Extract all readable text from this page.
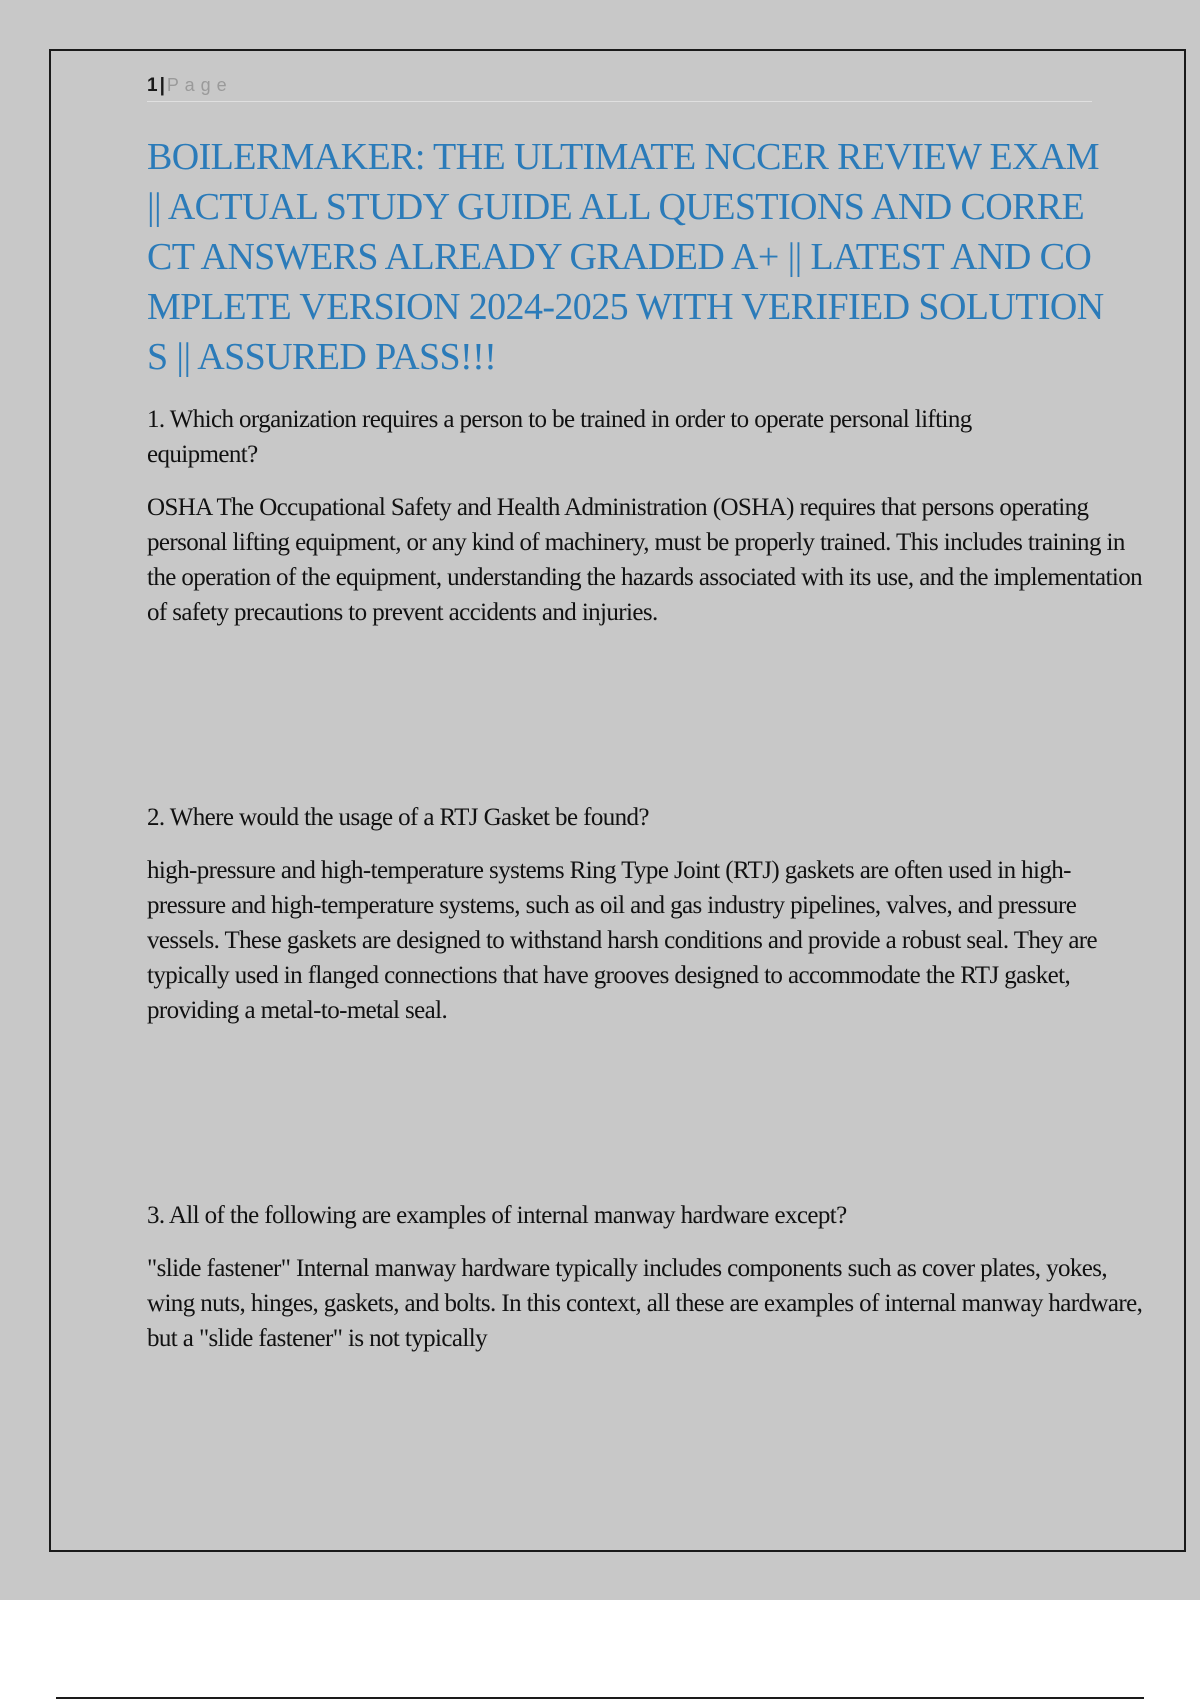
1 | P a g e
BOILERMAKER: THE ULTIMATE NCCER REVIEW EXAM || ACTUAL STUDY GUIDE ALL QUESTIONS AND CORRECT ANSWERS ALREADY GRADED A+ || LATEST AND COMPLETE VERSION 2024-2025 WITH VERIFIED SOLUTIONS || ASSURED PASS!!!
1. Which organization requires a person to be trained in order to operate personal lifting equipment?
OSHA The Occupational Safety and Health Administration (OSHA) requires that persons operating personal lifting equipment, or any kind of machinery, must be properly trained. This includes training in the operation of the equipment, understanding the hazards associated with its use, and the implementation of safety precautions to prevent accidents and injuries.
2. Where would the usage of a RTJ Gasket be found?
high-pressure and high-temperature systems Ring Type Joint (RTJ) gaskets are often used in high-pressure and high-temperature systems, such as oil and gas industry pipelines, valves, and pressure vessels. These gaskets are designed to withstand harsh conditions and provide a robust seal. They are typically used in flanged connections that have grooves designed to accommodate the RTJ gasket, providing a metal-to-metal seal.
3. All of the following are examples of internal manway hardware except?
"slide fastener" Internal manway hardware typically includes components such as cover plates, yokes, wing nuts, hinges, gaskets, and bolts. In this context, all these are examples of internal manway hardware, but a "slide fastener" is not typically
